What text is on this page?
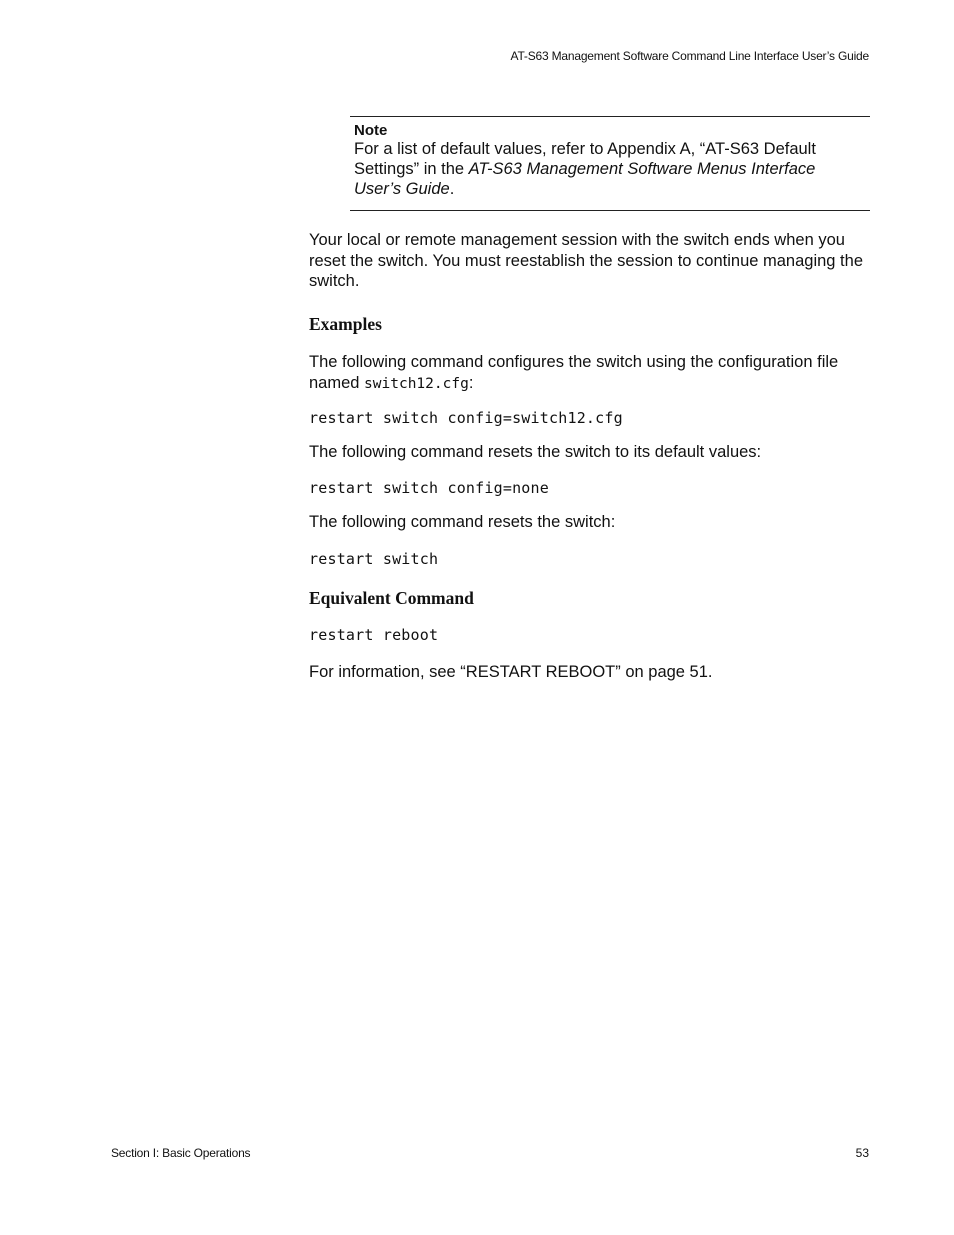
AT-S63 Management Software Command Line Interface User’s Guide
Note
For a list of default values, refer to Appendix A, “AT-S63 Default Settings” in the AT-S63 Management Software Menus Interface User’s Guide.
Your local or remote management session with the switch ends when you reset the switch. You must reestablish the session to continue managing the switch.
Examples
The following command configures the switch using the configuration file named switch12.cfg:
restart switch config=switch12.cfg
The following command resets the switch to its default values:
restart switch config=none
The following command resets the switch:
restart switch
Equivalent Command
restart reboot
For information, see “RESTART REBOOT” on page 51.
Section I: Basic Operations	53
